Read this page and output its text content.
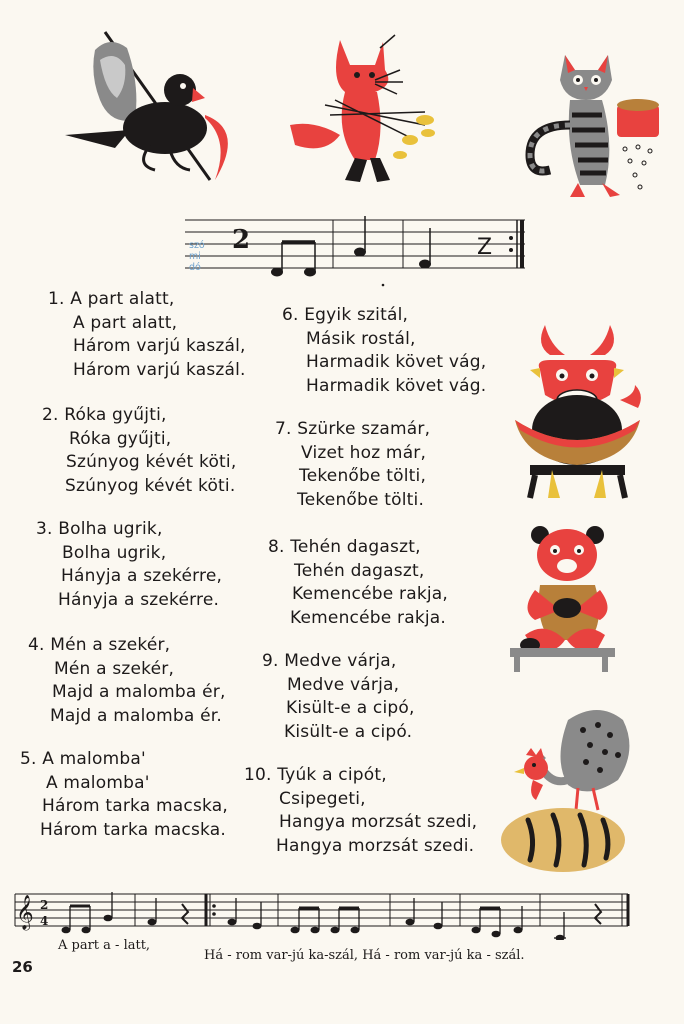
2	Z
szó
mi
dó
1. A part alatt,
A part alatt,
Három varjú kaszál,
Három varjú kaszál.
2. Róka gyűjti,
Róka gyűjti,
Szúnyog kévét köti,
Szúnyog kévét köti.
3. Bolha ugrik,
Bolha ugrik,
Hányja a szekérre,
Hányja a szekérre.
4. Mén a szekér,
Mén a szekér,
Majd a malomba ér,
Majd a malomba ér.
5. A malomba'
A malomba'
Három tarka macska,
Három tarka macska.
6. Egyik szitál,
Másik rostál,
Harmadik követ vág,
Harmadik követ vág.
7. Szürke szamár,
Vizet hoz már,
Tekenőbe tölti,
Tekenőbe tölti.
8. Tehén dagaszt,
Tehén dagaszt,
Kemencébe rakja,
Kemencébe rakja.
9. Medve várja,
Medve várja,
Kisült-e a cipó,
Kisült-e a cipó.
10. Tyúk a cipót,
Csipegeti,
Hangya morzsát szedi,
Hangya morzsát szedi.
𝄞 2
4
A part a - latt,
Há - rom var-jú ka-szál, Há - rom var-jú ka - szál.
26
